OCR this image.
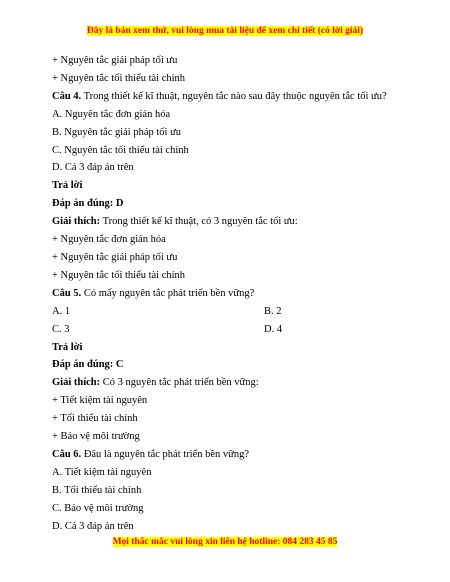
Đây là bản xem thử, vui lòng mua tài liệu để xem chi tiết (có lời giải)
+ Nguyên tắc giải pháp tối ưu
+ Nguyên tắc tối thiểu tài chính
Câu 4. Trong thiết kế kĩ thuật, nguyên tắc nào sau đây thuộc nguyên tắc tối ưu?
A. Nguyên tắc đơn giản hóa
B. Nguyên tắc giải pháp tối ưu
C. Nguyên tắc tối thiểu tài chính
D. Cả 3 đáp án trên
Trả lời
Đáp án đúng: D
Giải thích: Trong thiết kế kĩ thuật, có 3 nguyên tắc tối ưu:
+ Nguyên tắc đơn giản hóa
+ Nguyên tắc giải pháp tối ưu
+ Nguyên tắc tối thiểu tài chính
Câu 5. Có mấy nguyên tắc phát triển bền vững?
A. 1	B. 2
C. 3	D. 4
Trả lời
Đáp án đúng: C
Giải thích: Có 3 nguyên tắc phát triển bền vững:
+ Tiết kiệm tài nguyên
+ Tối thiểu tài chính
+ Bảo vệ môi trường
Câu 6. Đâu là nguyên tắc phát triển bền vững?
A. Tiết kiệm tài nguyên
B. Tối thiểu tài chính
C. Bảo vệ môi trường
D. Cả 3 đáp án trên
Mọi thắc mắc vui lòng xin liên hệ hotline: 084 283 45 85
